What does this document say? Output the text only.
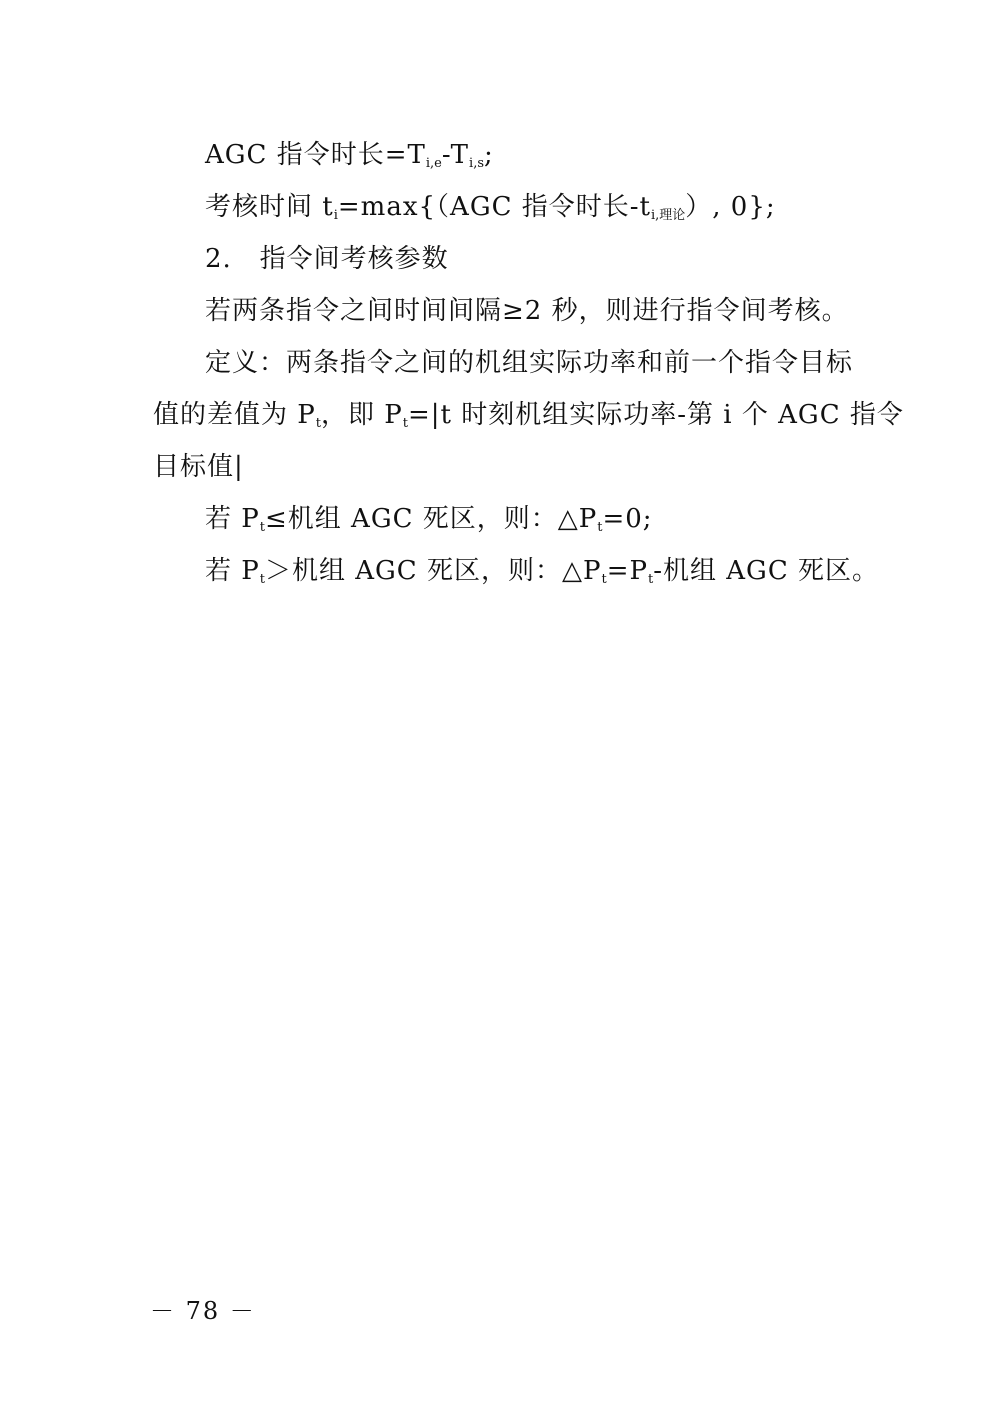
AGC 指令时长$=T_{i,e}-T_{i,s}$;
考核时间 $t_i=\max\{(AGC$ 指令时长$-t_{i,理论}$）, 0};
2.   指令间考核参数
若两条指令之间时间间隔≥2 秒，则进行指令间考核。
定义：两条指令之间的机组实际功率和前一个指令目标
值的差值为 $P_t$，即 $P_t=|t$ 时刻机组实际功率-第 i 个 AGC 指令
目标值|
若 $P_t\le$机组 AGC 死区，则：$\triangle P_t=0$;
若 $P_t>$机组 AGC 死区，则：$\triangle P_t=P_t-$机组 AGC 死区。
－ 78 －
